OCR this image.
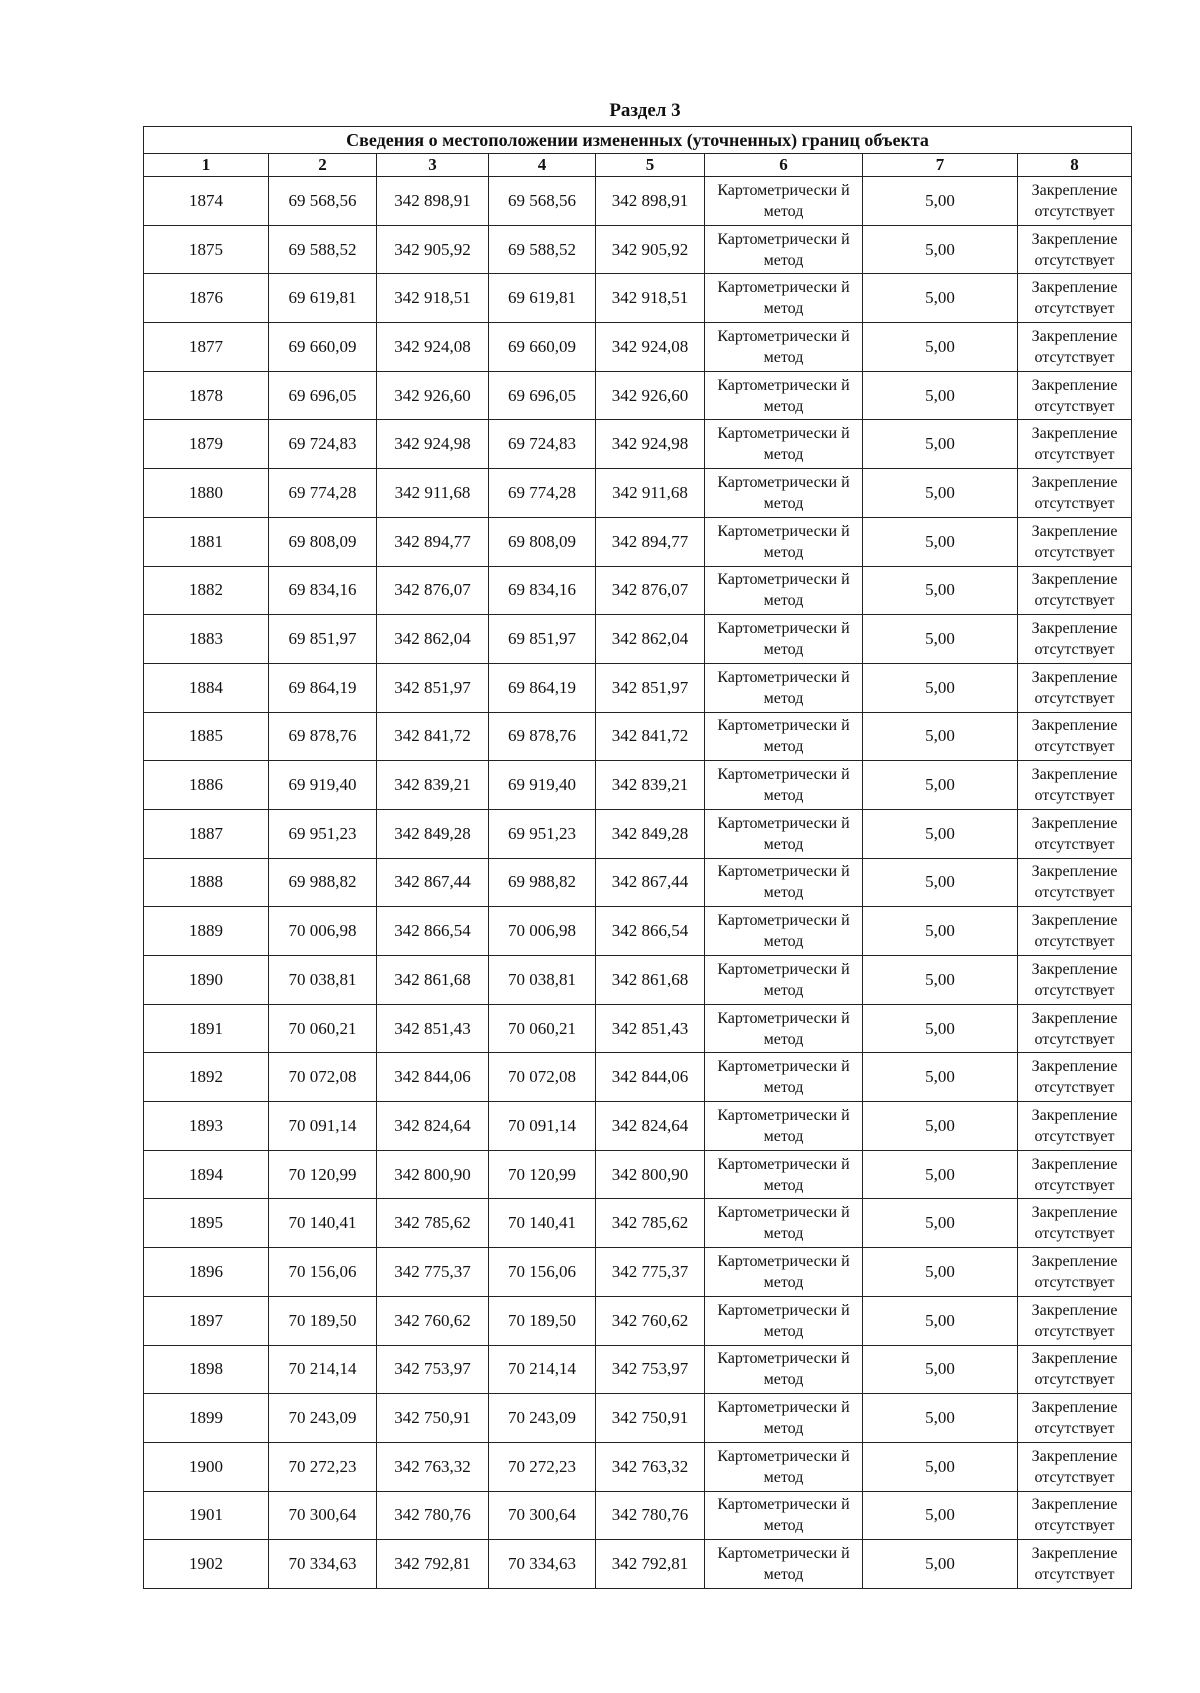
Раздел 3
Сведения о местоположении измененных (уточненных) границ объекта							
1	2	3	4	5	6	7	8
1874	69 568,56	342 898,91	69 568,56	342 898,91	Картометрически й метод	5,00	Закрепление отсутствует
1875	69 588,52	342 905,92	69 588,52	342 905,92	Картометрически й метод	5,00	Закрепление отсутствует
1876	69 619,81	342 918,51	69 619,81	342 918,51	Картометрически й метод	5,00	Закрепление отсутствует
1877	69 660,09	342 924,08	69 660,09	342 924,08	Картометрически й метод	5,00	Закрепление отсутствует
1878	69 696,05	342 926,60	69 696,05	342 926,60	Картометрически й метод	5,00	Закрепление отсутствует
1879	69 724,83	342 924,98	69 724,83	342 924,98	Картометрически й метод	5,00	Закрепление отсутствует
1880	69 774,28	342 911,68	69 774,28	342 911,68	Картометрически й метод	5,00	Закрепление отсутствует
1881	69 808,09	342 894,77	69 808,09	342 894,77	Картометрически й метод	5,00	Закрепление отсутствует
1882	69 834,16	342 876,07	69 834,16	342 876,07	Картометрически й метод	5,00	Закрепление отсутствует
1883	69 851,97	342 862,04	69 851,97	342 862,04	Картометрически й метод	5,00	Закрепление отсутствует
1884	69 864,19	342 851,97	69 864,19	342 851,97	Картометрически й метод	5,00	Закрепление отсутствует
1885	69 878,76	342 841,72	69 878,76	342 841,72	Картометрически й метод	5,00	Закрепление отсутствует
1886	69 919,40	342 839,21	69 919,40	342 839,21	Картометрически й метод	5,00	Закрепление отсутствует
1887	69 951,23	342 849,28	69 951,23	342 849,28	Картометрически й метод	5,00	Закрепление отсутствует
1888	69 988,82	342 867,44	69 988,82	342 867,44	Картометрически й метод	5,00	Закрепление отсутствует
1889	70 006,98	342 866,54	70 006,98	342 866,54	Картометрически й метод	5,00	Закрепление отсутствует
1890	70 038,81	342 861,68	70 038,81	342 861,68	Картометрически й метод	5,00	Закрепление отсутствует
1891	70 060,21	342 851,43	70 060,21	342 851,43	Картометрически й метод	5,00	Закрепление отсутствует
1892	70 072,08	342 844,06	70 072,08	342 844,06	Картометрически й метод	5,00	Закрепление отсутствует
1893	70 091,14	342 824,64	70 091,14	342 824,64	Картометрически й метод	5,00	Закрепление отсутствует
1894	70 120,99	342 800,90	70 120,99	342 800,90	Картометрически й метод	5,00	Закрепление отсутствует
1895	70 140,41	342 785,62	70 140,41	342 785,62	Картометрически й метод	5,00	Закрепление отсутствует
1896	70 156,06	342 775,37	70 156,06	342 775,37	Картометрически й метод	5,00	Закрепление отсутствует
1897	70 189,50	342 760,62	70 189,50	342 760,62	Картометрически й метод	5,00	Закрепление отсутствует
1898	70 214,14	342 753,97	70 214,14	342 753,97	Картометрически й метод	5,00	Закрепление отсутствует
1899	70 243,09	342 750,91	70 243,09	342 750,91	Картометрически й метод	5,00	Закрепление отсутствует
1900	70 272,23	342 763,32	70 272,23	342 763,32	Картометрически й метод	5,00	Закрепление отсутствует
1901	70 300,64	342 780,76	70 300,64	342 780,76	Картометрически й метод	5,00	Закрепление отсутствует
1902	70 334,63	342 792,81	70 334,63	342 792,81	Картометрически й метод	5,00	Закрепление отсутствует
